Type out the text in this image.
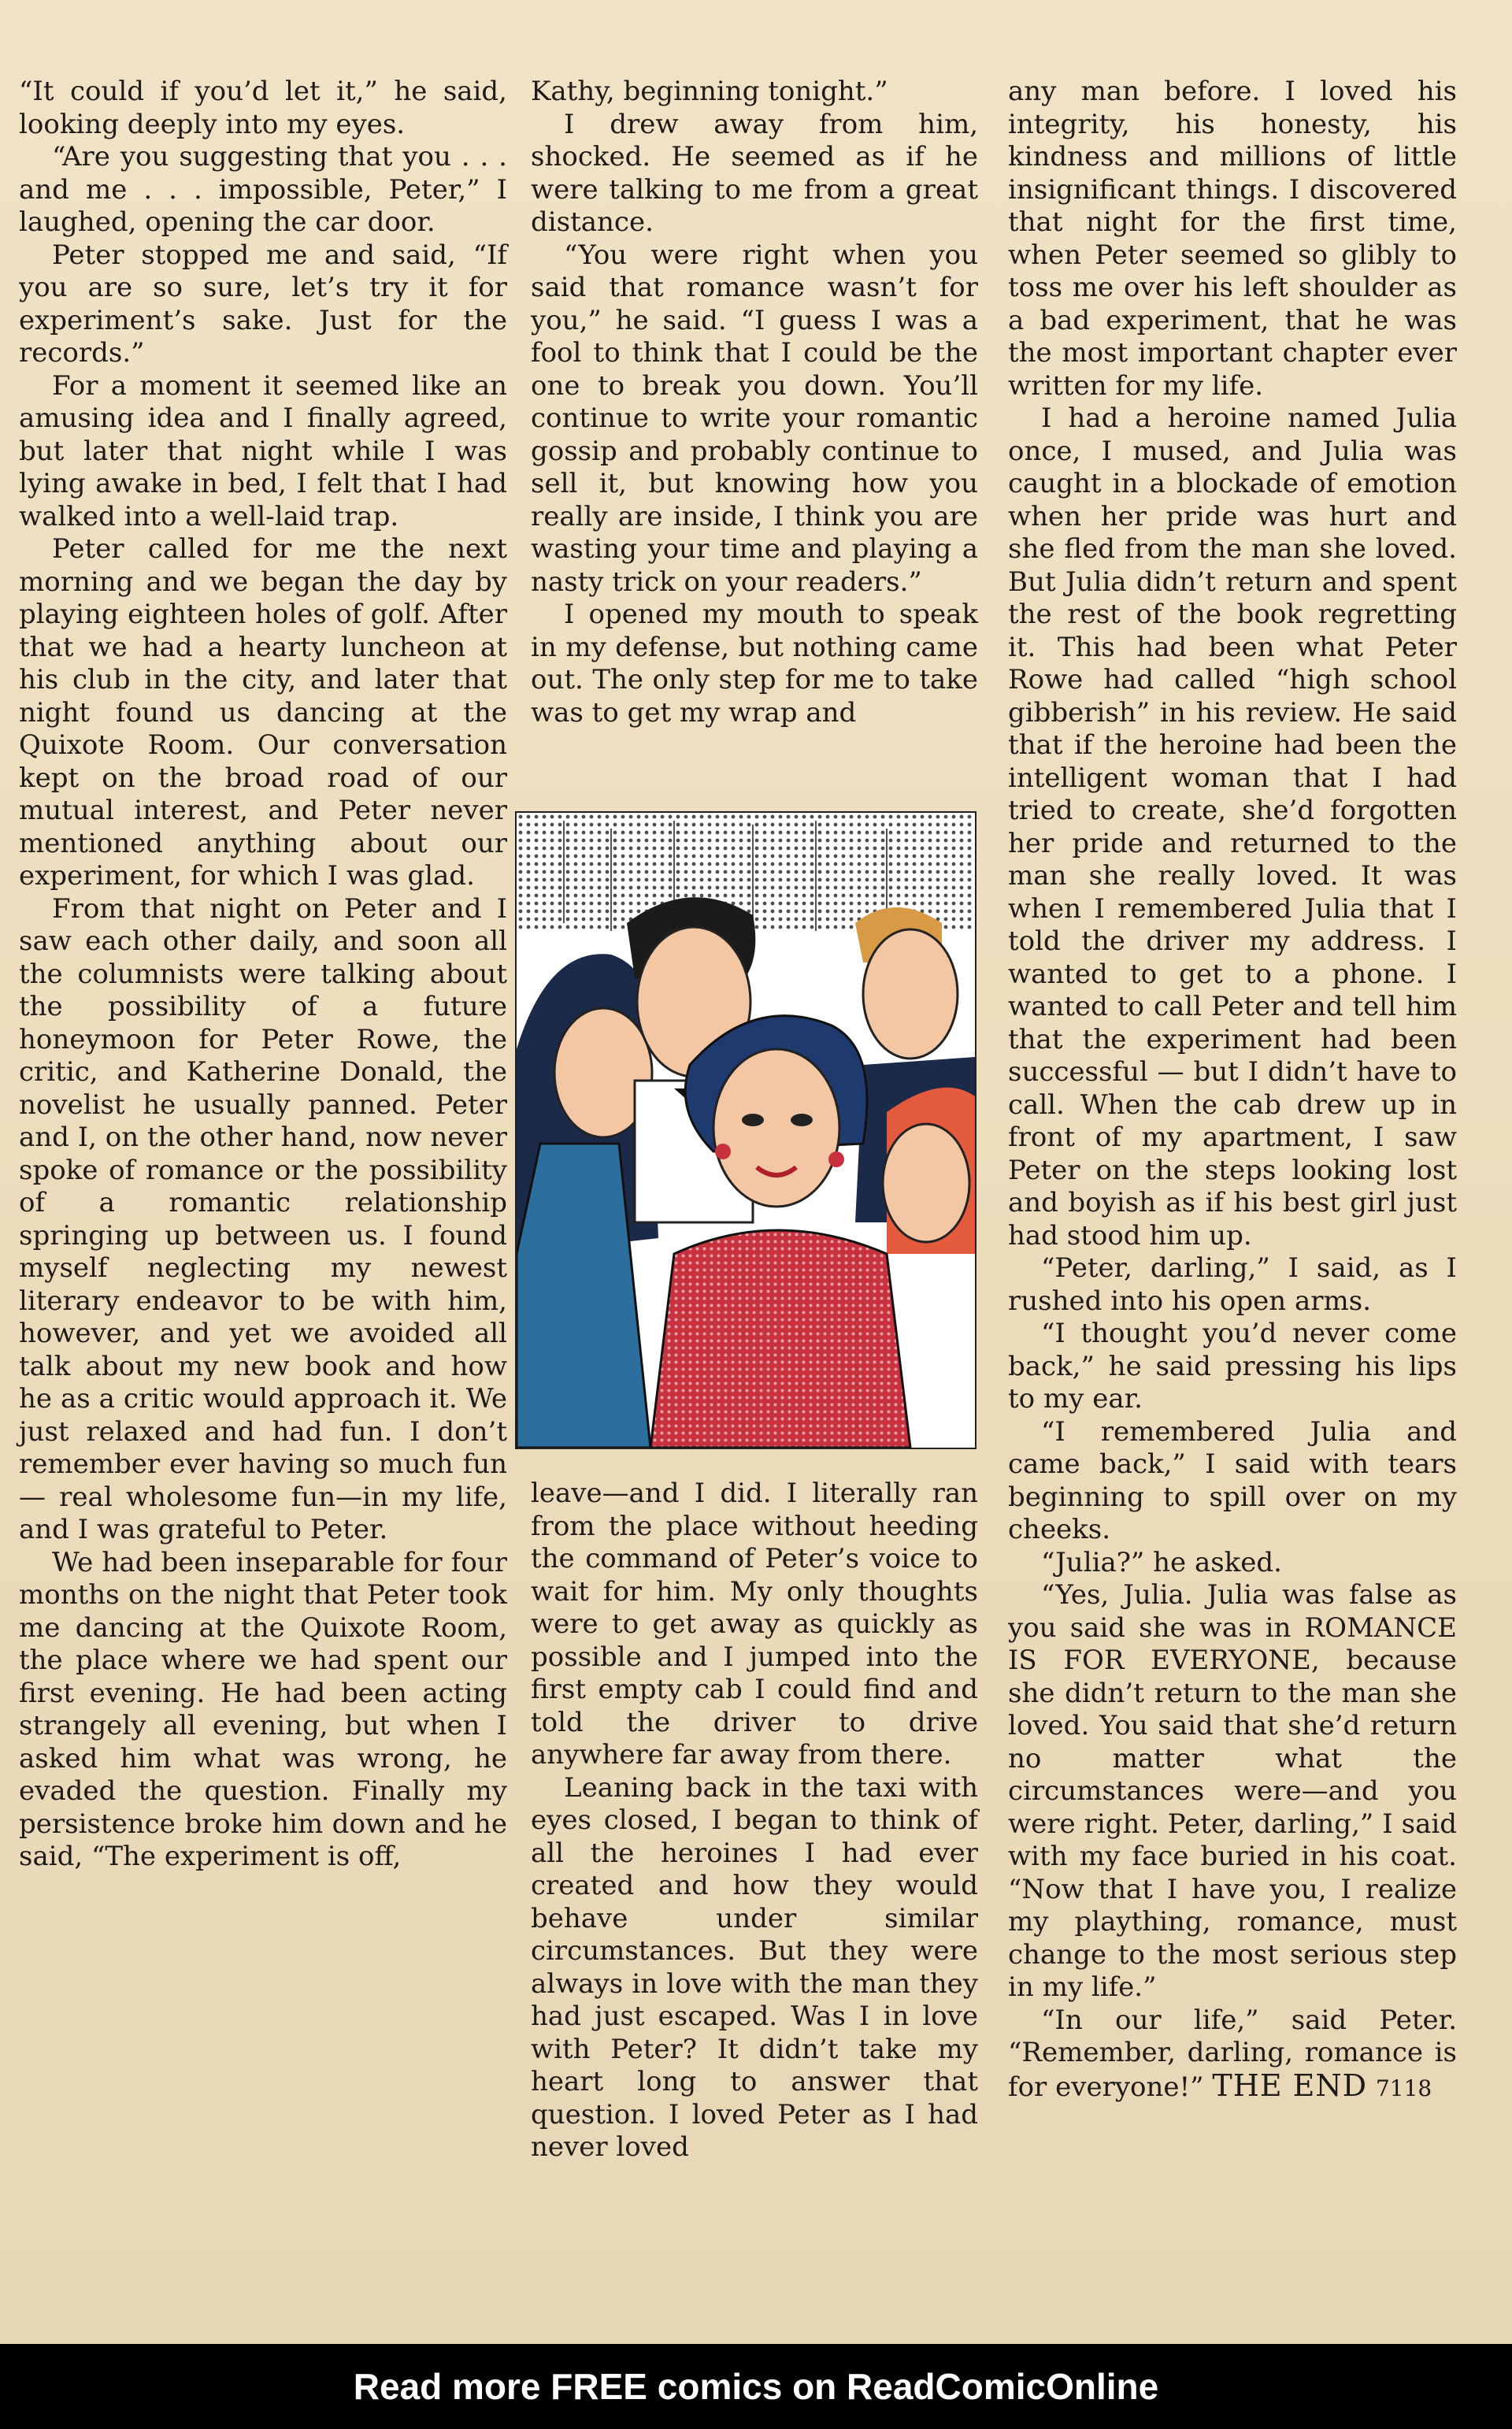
“It could if you’d let it,” he said, looking deeply into my eyes.

“Are you suggesting that you . . . and me . . . impossible, Peter,” I laughed, opening the car door.

Peter stopped me and said, “If you are so sure, let’s try it for experiment’s sake. Just for the records.”

For a moment it seemed like an amusing idea and I finally agreed, but later that night while I was lying awake in bed, I felt that I had walked into a well-laid trap.

Peter called for me the next morning and we began the day by playing eighteen holes of golf. After that we had a hearty luncheon at his club in the city, and later that night found us dancing at the Quixote Room. Our conversation kept on the broad road of our mutual interest, and Peter never mentioned anything about our experiment, for which I was glad.

From that night on Peter and I saw each other daily, and soon all the columnists were talking about the possibility of a future honeymoon for Peter Rowe, the critic, and Katherine Donald, the novelist he usually panned. Peter and I, on the other hand, now never spoke of romance or the possibility of a romantic relationship springing up between us. I found myself neglecting my newest literary endeavor to be with him, however, and yet we avoided all talk about my new book and how he as a critic would approach it. We just relaxed and had fun. I don’t remember ever having so much fun — real wholesome fun—in my life, and I was grateful to Peter.

We had been inseparable for four months on the night that Peter took me dancing at the Quixote Room, the place where we had spent our first evening. He had been acting strangely all evening, but when I asked him what was wrong, he evaded the question. Finally my persistence broke him down and he said, “The experiment is off,

Kathy, beginning tonight.”

I drew away from him, shocked. He seemed as if he were talking to me from a great distance.

“You were right when you said that romance wasn’t for you,” he said. “I guess I was a fool to think that I could be the one to break you down. You’ll continue to write your romantic gossip and probably continue to sell it, but knowing how you really are inside, I think you are wasting your time and playing a nasty trick on your readers.”

I opened my mouth to speak in my defense, but nothing came out. The only step for me to take was to get my wrap and

leave—and I did. I literally ran from the place without heeding the command of Peter’s voice to wait for him. My only thoughts were to get away as quickly as possible and I jumped into the first empty cab I could find and told the driver to drive anywhere far away from there.

Leaning back in the taxi with eyes closed, I began to think of all the heroines I had ever created and how they would behave under similar circumstances. But they were always in love with the man they had just escaped. Was I in love with Peter? It didn’t take my heart long to answer that question. I loved Peter as I had never loved

any man before. I loved his integrity, his honesty, his kindness and millions of little insignificant things. I discovered that night for the first time, when Peter seemed so glibly to toss me over his left shoulder as a bad experiment, that he was the most important chapter ever written for my life.

I had a heroine named Julia once, I mused, and Julia was caught in a blockade of emotion when her pride was hurt and she fled from the man she loved. But Julia didn’t return and spent the rest of the book regretting it. This had been what Peter Rowe had called “high school gibberish” in his review. He said that if the heroine had been the intelligent woman that I had tried to create, she’d forgotten her pride and returned to the man she really loved. It was when I remembered Julia that I told the driver my address. I wanted to get to a phone. I wanted to call Peter and tell him that the experiment had been successful — but I didn’t have to call. When the cab drew up in front of my apartment, I saw Peter on the steps looking lost and boyish as if his best girl just had stood him up.

“Peter, darling,” I said, as I rushed into his open arms.

“I thought you’d never come back,” he said pressing his lips to my ear.

“I remembered Julia and came back,” I said with tears beginning to spill over on my cheeks.

“Julia?” he asked.

“Yes, Julia. Julia was false as you said she was in ROMANCE IS FOR EVERYONE, because she didn’t return to the man she loved. You said that she’d return no matter what the circumstances were—and you were right. Peter, darling,” I said with my face buried in his coat. “Now that I have you, I realize my plaything, romance, must change to the most serious step in my life.”

“In our life,” said Peter. “Remember, darling, romance is for everyone!” THE END 7118

Read more FREE comics on ReadComicOnline
